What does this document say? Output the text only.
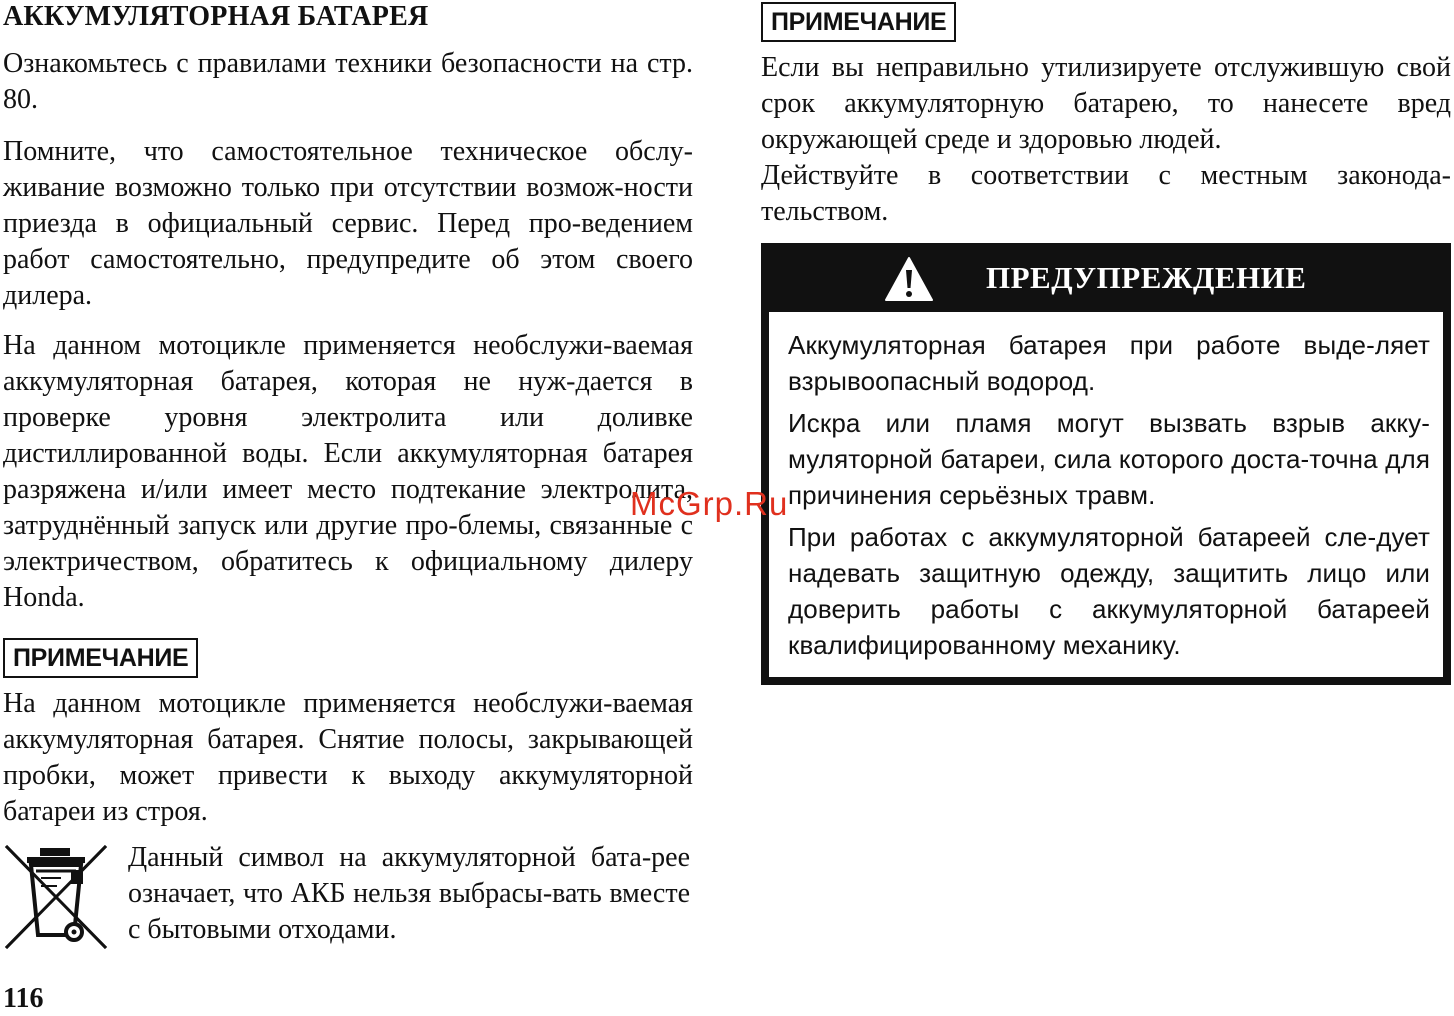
АККУМУЛЯТОРНАЯ БАТАРЕЯ

Ознакомьтесь с правилами техники безопасности на стр. 80.

Помните, что самостоятельное техническое обслу-живание возможно только при отсутствии возмож-ности приезда в официальный сервис. Перед про-ведением работ самостоятельно, предупредите об этом своего дилера.

На данном мотоцикле применяется необслужи-ваемая аккумуляторная батарея, которая не нуж-дается в проверке уровня электролита или доливке дистиллированной воды. Если аккумуляторная батарея разряжена и/или имеет место подтекание электролита, затруднённый запуск или другие про-блемы, связанные с электричеством, обратитесь к официальному дилеру Honda.

ПРИМЕЧАНИЕ

На данном мотоцикле применяется необслужи-ваемая аккумуляторная батарея. Снятие полосы, закрывающей пробки, может привести к выходу аккумуляторной батареи из строя.

Данный символ на аккумуляторной бата-рее означает, что АКБ нельзя выбрасы-вать вместе с бытовыми отходами.

116
ПРИМЕЧАНИЕ

Если вы неправильно утилизируете отслужившую свой срок аккумуляторную батарею, то нанесете вред окружающей среде и здоровью людей.

Действуйте в соответствии с местным законода-тельством.

ПРЕДУПРЕЖДЕНИЕ

Аккумуляторная батарея при работе выде-ляет взрывоопасный водород.

Искра или пламя могут вызвать взрыв акку-муляторной батареи, сила которого доста-точна для причинения серьёзных травм.

При работах с аккумуляторной батареей сле-дует надевать защитную одежду, защитить лицо или доверить работы с аккумуляторной батареей квалифицированному механику.

McGrp.Ru
